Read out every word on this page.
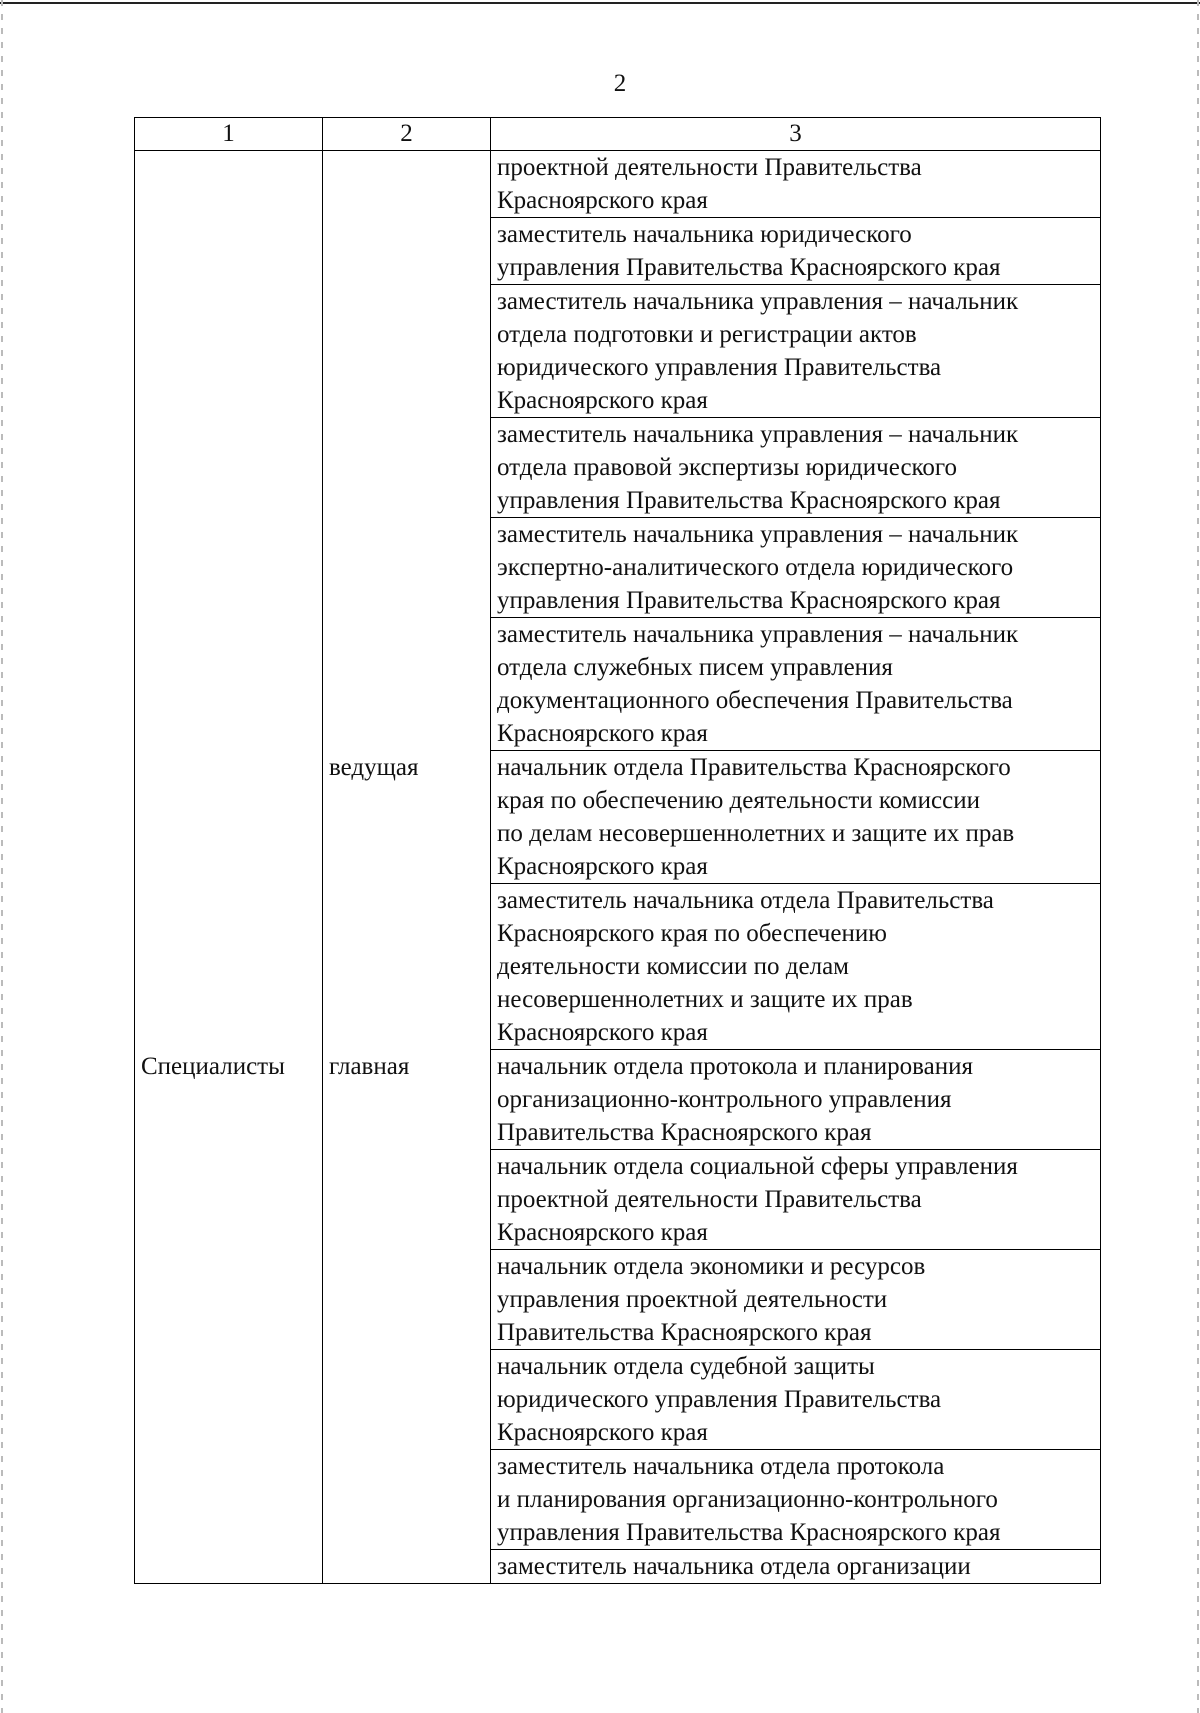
2
1	2	3
		проектной деятельности Правительства
Красноярского края
		заместитель начальника юридического
управления Правительства Красноярского края
		заместитель начальника управления – начальник
отдела подготовки и регистрации актов
юридического управления Правительства
Красноярского края
		заместитель начальника управления – начальник
отдела правовой экспертизы юридического
управления Правительства Красноярского края
		заместитель начальника управления – начальник
экспертно-аналитического отдела юридического
управления Правительства Красноярского края
		заместитель начальника управления – начальник
отдела служебных писем управления
документационного обеспечения Правительства
Красноярского края
	ведущая	начальник отдела Правительства Красноярского
края по обеспечению деятельности комиссии
по делам несовершеннолетних и защите их прав
Красноярского края
		заместитель начальника отдела Правительства
Красноярского края по обеспечению
деятельности комиссии по делам
несовершеннолетних и защите их прав
Красноярского края
Специалисты	главная	начальник отдела протокола и планирования
организационно-контрольного управления
Правительства Красноярского края
		начальник отдела социальной сферы управления
проектной деятельности Правительства
Красноярского края
		начальник отдела экономики и ресурсов
управления проектной деятельности
Правительства Красноярского края
		начальник отдела судебной защиты
юридического управления Правительства
Красноярского края
		заместитель начальника отдела протокола
и планирования организационно-контрольного
управления Правительства Красноярского края
		заместитель начальника отдела организации
